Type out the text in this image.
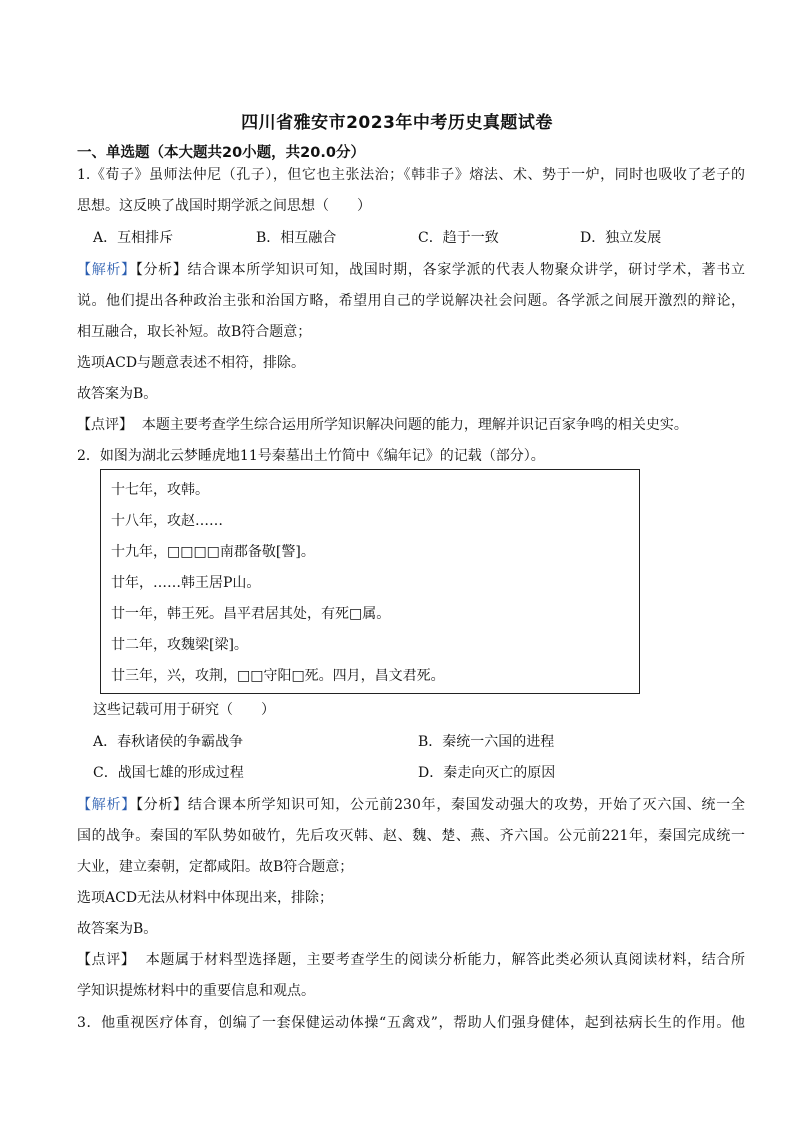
四川省雅安市2023年中考历史真题试卷
一、单选题（本大题共20小题，共20.0分）
1.《荀子》虽师法仲尼（孔子），但它也主张法治；《韩非子》熔法、术、势于一炉，同时也吸收了老子的
思想。这反映了战国时期学派之间思想（　　）
A．互相排斥	B．相互融合	C．趋于一致	D．独立发展
【解析】【分析】结合课本所学知识可知，战国时期，各家学派的代表人物聚众讲学，研讨学术，著书立
说。他们提出各种政治主张和治国方略，希望用自己的学说解决社会问题。各学派之间展开激烈的辩论，
相互融合，取长补短。故B符合题意；
选项ACD与题意表述不相符，排除。
故答案为B。
【点评】 本题主要考查学生综合运用所学知识解决问题的能力，理解并识记百家争鸣的相关史实。
2．如图为湖北云梦睡虎地11号秦墓出土竹简中《编年记》的记载（部分）。
十七年，攻韩。
十八年，攻赵……
十九年，□□□□南郡备敬[警]。
廿年，……韩王居P山。
廿一年，韩王死。昌平君居其处，有死□属。
廿二年，攻魏梁[梁]。
廿三年，兴，攻荆，□□守阳□死。四月，昌文君死。
这些记载可用于研究（　　）
A．春秋诸侯的争霸战争	B．秦统一六国的进程
C．战国七雄的形成过程	D．秦走向灭亡的原因
【解析】【分析】结合课本所学知识可知，公元前230年，秦国发动强大的攻势，开始了灭六国、统一全
国的战争。秦国的军队势如破竹，先后攻灭韩、赵、魏、楚、燕、齐六国。公元前221年，秦国完成统一
大业，建立秦朝，定都咸阳。故B符合题意；
选项ACD无法从材料中体现出来，排除；
故答案为B。
【点评】 本题属于材料型选择题，主要考查学生的阅读分析能力，解答此类必须认真阅读材料，结合所
学知识提炼材料中的重要信息和观点。
3．他重视医疗体育，创编了一套保健运动体操“五禽戏”，帮助人们强身健体，起到祛病长生的作用。他
